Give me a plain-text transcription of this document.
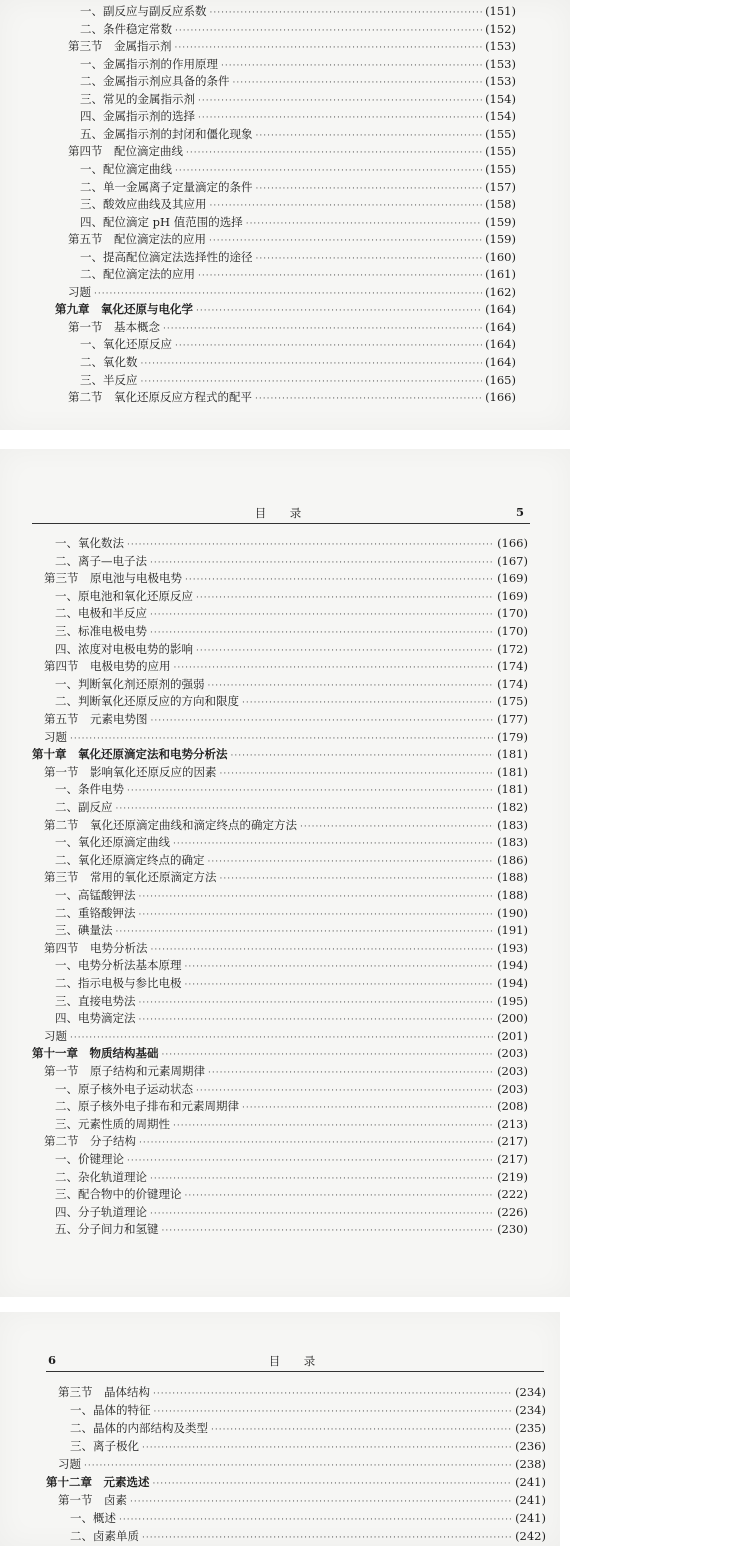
一、副反应与副反应系数 ·····	(151)
二、条件稳定常数 ·····	(152)
第三节　金属指示剂 ·····	(153)
一、金属指示剂的作用原理 ·····	(153)
二、金属指示剂应具备的条件 ·····	(153)
三、常见的金属指示剂 ·····	(154)
四、金属指示剂的选择 ·····	(154)
五、金属指示剂的封闭和僵化现象 ·····	(155)
第四节　配位滴定曲线 ·····	(155)
一、配位滴定曲线 ·····	(155)
二、单一金属离子定量滴定的条件 ·····	(157)
三、酸效应曲线及其应用 ·····	(158)
四、配位滴定 pH 值范围的选择 ·····	(159)
第五节　配位滴定法的应用 ·····	(159)
一、提高配位滴定法选择性的途径 ·····	(160)
二、配位滴定法的应用 ·····	(161)
习题 ·····	(162)
第九章　氧化还原与电化学 ·····	(164)
第一节　基本概念 ·····	(164)
一、氧化还原反应 ·····	(164)
二、氧化数 ·····	(164)
三、半反应 ·····	(165)
第二节　氧化还原反应方程式的配平 ·····	(166)
目　录	5
一、氧化数法 ·····	(166)
二、离子—电子法 ·····	(167)
第三节　原电池与电极电势 ·····	(169)
一、原电池和氧化还原反应 ·····	(169)
二、电极和半反应 ·····	(170)
三、标准电极电势 ·····	(170)
四、浓度对电极电势的影响 ·····	(172)
第四节　电极电势的应用 ·····	(174)
一、判断氧化剂还原剂的强弱 ·····	(174)
二、判断氧化还原反应的方向和限度 ·····	(175)
第五节　元素电势图 ·····	(177)
习题 ·····	(179)
第十章　氧化还原滴定法和电势分析法 ·····	(181)
第一节　影响氧化还原反应的因素 ·····	(181)
一、条件电势 ·····	(181)
二、副反应 ·····	(182)
第二节　氧化还原滴定曲线和滴定终点的确定方法 ·····	(183)
一、氧化还原滴定曲线 ·····	(183)
二、氧化还原滴定终点的确定 ·····	(186)
第三节　常用的氧化还原滴定方法 ·····	(188)
一、高锰酸钾法 ·····	(188)
二、重铬酸钾法 ·····	(190)
三、碘量法 ·····	(191)
第四节　电势分析法 ·····	(193)
一、电势分析法基本原理 ·····	(194)
二、指示电极与参比电极 ·····	(194)
三、直接电势法 ·····	(195)
四、电势滴定法 ·····	(200)
习题 ·····	(201)
第十一章　物质结构基础 ·····	(203)
第一节　原子结构和元素周期律 ·····	(203)
一、原子核外电子运动状态 ·····	(203)
二、原子核外电子排布和元素周期律 ·····	(208)
三、元素性质的周期性 ·····	(213)
第二节　分子结构 ·····	(217)
一、价键理论 ·····	(217)
二、杂化轨道理论 ·····	(219)
三、配合物中的价键理论 ·····	(222)
四、分子轨道理论 ·····	(226)
五、分子间力和氢键 ·····	(230)
6	目　录
第三节　晶体结构 ·····	(234)
一、晶体的特征 ·····	(234)
二、晶体的内部结构及类型 ·····	(235)
三、离子极化 ·····	(236)
习题 ·····	(238)
第十二章　元素选述 ·····	(241)
第一节　卤素 ·····	(241)
一、概述 ·····	(241)
二、卤素单质 ·····	(242)
